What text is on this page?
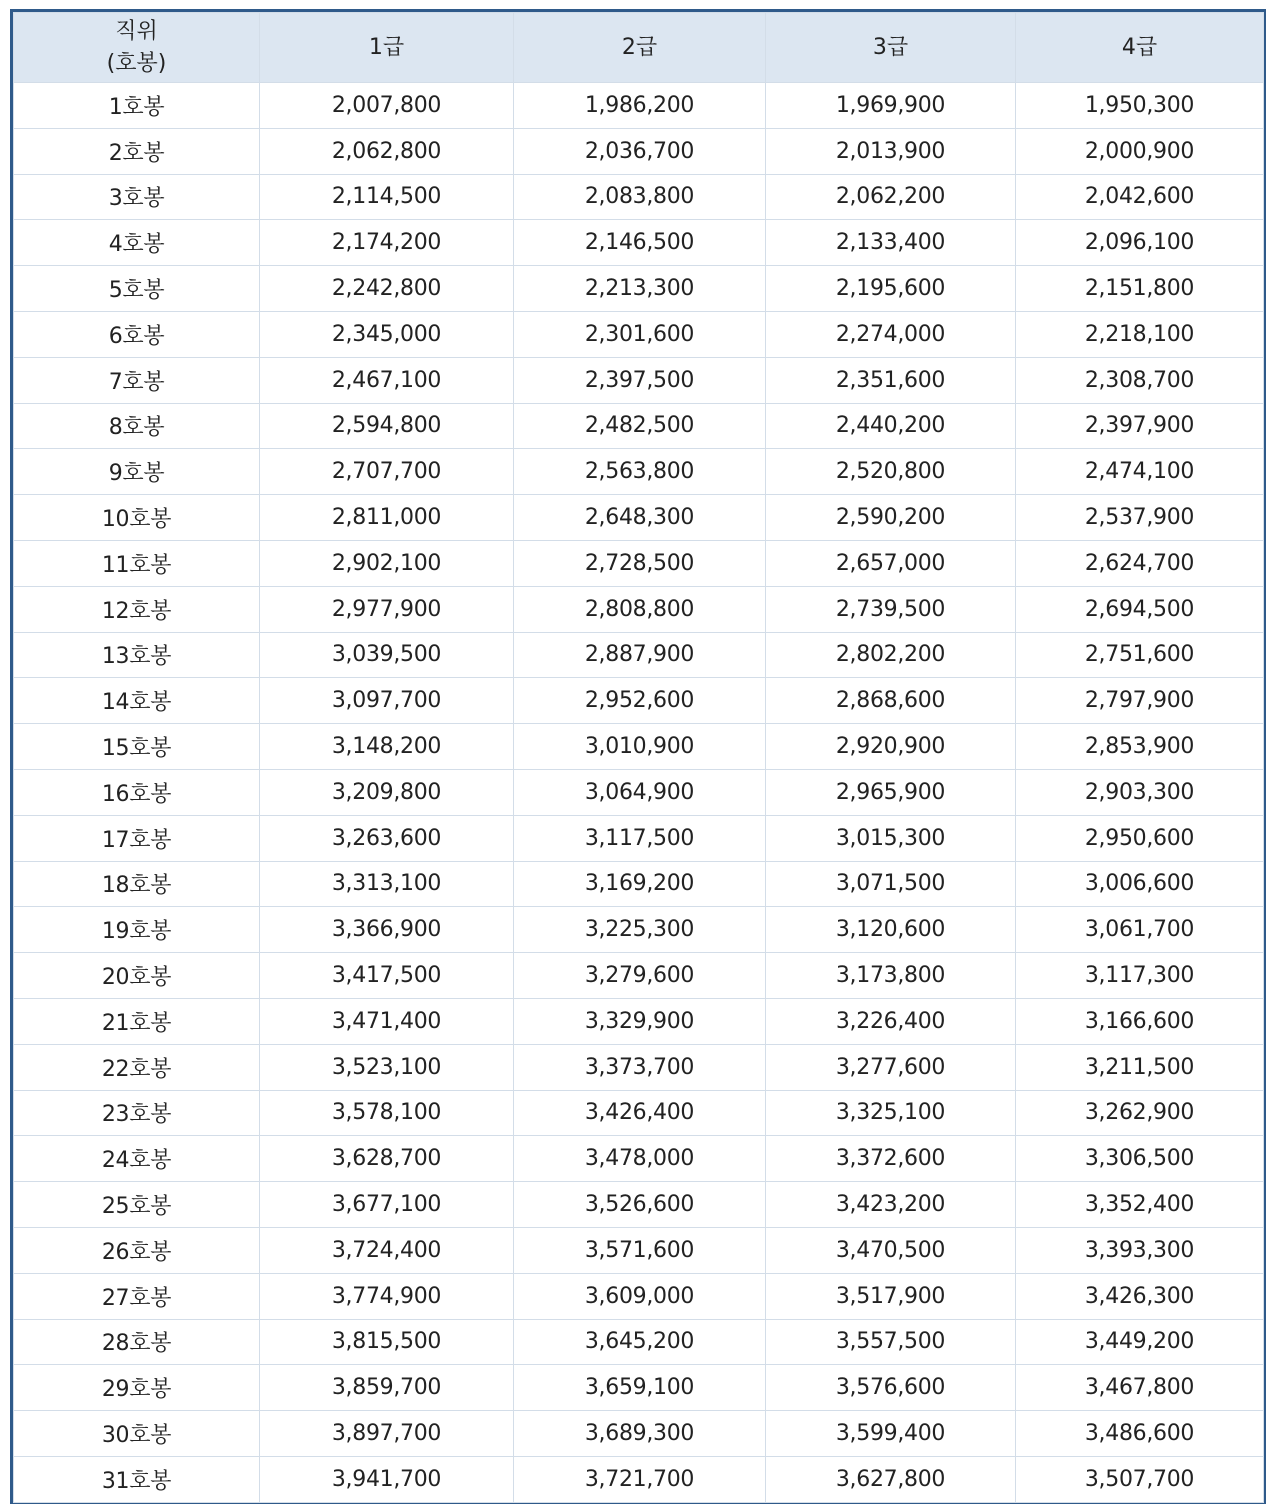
직위
(호봉)	1급	2급	3급	4급
1호봉	2,007,800	1,986,200	1,969,900	1,950,300
2호봉	2,062,800	2,036,700	2,013,900	2,000,900
3호봉	2,114,500	2,083,800	2,062,200	2,042,600
4호봉	2,174,200	2,146,500	2,133,400	2,096,100
5호봉	2,242,800	2,213,300	2,195,600	2,151,800
6호봉	2,345,000	2,301,600	2,274,000	2,218,100
7호봉	2,467,100	2,397,500	2,351,600	2,308,700
8호봉	2,594,800	2,482,500	2,440,200	2,397,900
9호봉	2,707,700	2,563,800	2,520,800	2,474,100
10호봉	2,811,000	2,648,300	2,590,200	2,537,900
11호봉	2,902,100	2,728,500	2,657,000	2,624,700
12호봉	2,977,900	2,808,800	2,739,500	2,694,500
13호봉	3,039,500	2,887,900	2,802,200	2,751,600
14호봉	3,097,700	2,952,600	2,868,600	2,797,900
15호봉	3,148,200	3,010,900	2,920,900	2,853,900
16호봉	3,209,800	3,064,900	2,965,900	2,903,300
17호봉	3,263,600	3,117,500	3,015,300	2,950,600
18호봉	3,313,100	3,169,200	3,071,500	3,006,600
19호봉	3,366,900	3,225,300	3,120,600	3,061,700
20호봉	3,417,500	3,279,600	3,173,800	3,117,300
21호봉	3,471,400	3,329,900	3,226,400	3,166,600
22호봉	3,523,100	3,373,700	3,277,600	3,211,500
23호봉	3,578,100	3,426,400	3,325,100	3,262,900
24호봉	3,628,700	3,478,000	3,372,600	3,306,500
25호봉	3,677,100	3,526,600	3,423,200	3,352,400
26호봉	3,724,400	3,571,600	3,470,500	3,393,300
27호봉	3,774,900	3,609,000	3,517,900	3,426,300
28호봉	3,815,500	3,645,200	3,557,500	3,449,200
29호봉	3,859,700	3,659,100	3,576,600	3,467,800
30호봉	3,897,700	3,689,300	3,599,400	3,486,600
31호봉	3,941,700	3,721,700	3,627,800	3,507,700
